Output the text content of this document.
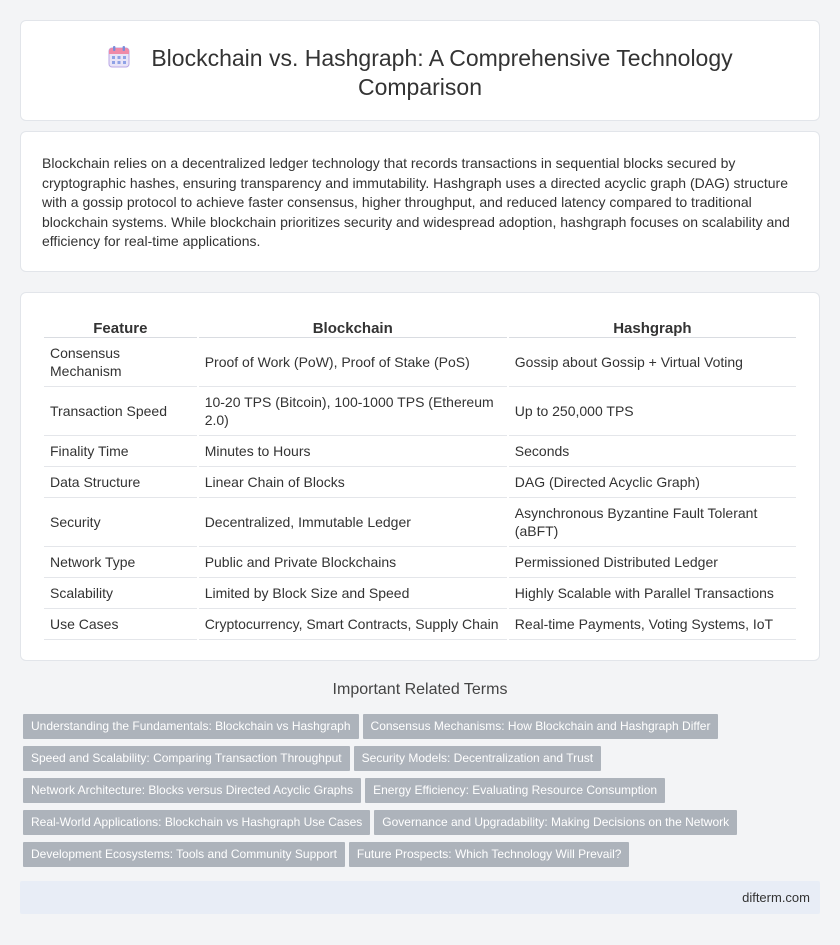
Blockchain vs. Hashgraph: A Comprehensive Technology Comparison

Blockchain relies on a decentralized ledger technology that records transactions in sequential blocks secured by cryptographic hashes, ensuring transparency and immutability. Hashgraph uses a directed acyclic graph (DAG) structure with a gossip protocol to achieve faster consensus, higher throughput, and reduced latency compared to traditional blockchain systems. While blockchain prioritizes security and widespread adoption, hashgraph focuses on scalability and efficiency for real-time applications.

Feature	Blockchain	Hashgraph
Consensus Mechanism	Proof of Work (PoW), Proof of Stake (PoS)	Gossip about Gossip + Virtual Voting
Transaction Speed	10-20 TPS (Bitcoin), 100-1000 TPS (Ethereum 2.0)	Up to 250,000 TPS
Finality Time	Minutes to Hours	Seconds
Data Structure	Linear Chain of Blocks	DAG (Directed Acyclic Graph)
Security	Decentralized, Immutable Ledger	Asynchronous Byzantine Fault Tolerant (aBFT)
Network Type	Public and Private Blockchains	Permissioned Distributed Ledger
Scalability	Limited by Block Size and Speed	Highly Scalable with Parallel Transactions
Use Cases	Cryptocurrency, Smart Contracts, Supply Chain	Real-time Payments, Voting Systems, IoT
Important Related Terms
Understanding the Fundamentals: Blockchain vs Hashgraph Consensus Mechanisms: How Blockchain and Hashgraph Differ
Speed and Scalability: Comparing Transaction Throughput Security Models: Decentralization and Trust
Network Architecture: Blocks versus Directed Acyclic Graphs Energy Efficiency: Evaluating Resource Consumption
Real-World Applications: Blockchain vs Hashgraph Use Cases Governance and Upgradability: Making Decisions on the Network
Development Ecosystems: Tools and Community Support Future Prospects: Which Technology Will Prevail?
difterm.com
